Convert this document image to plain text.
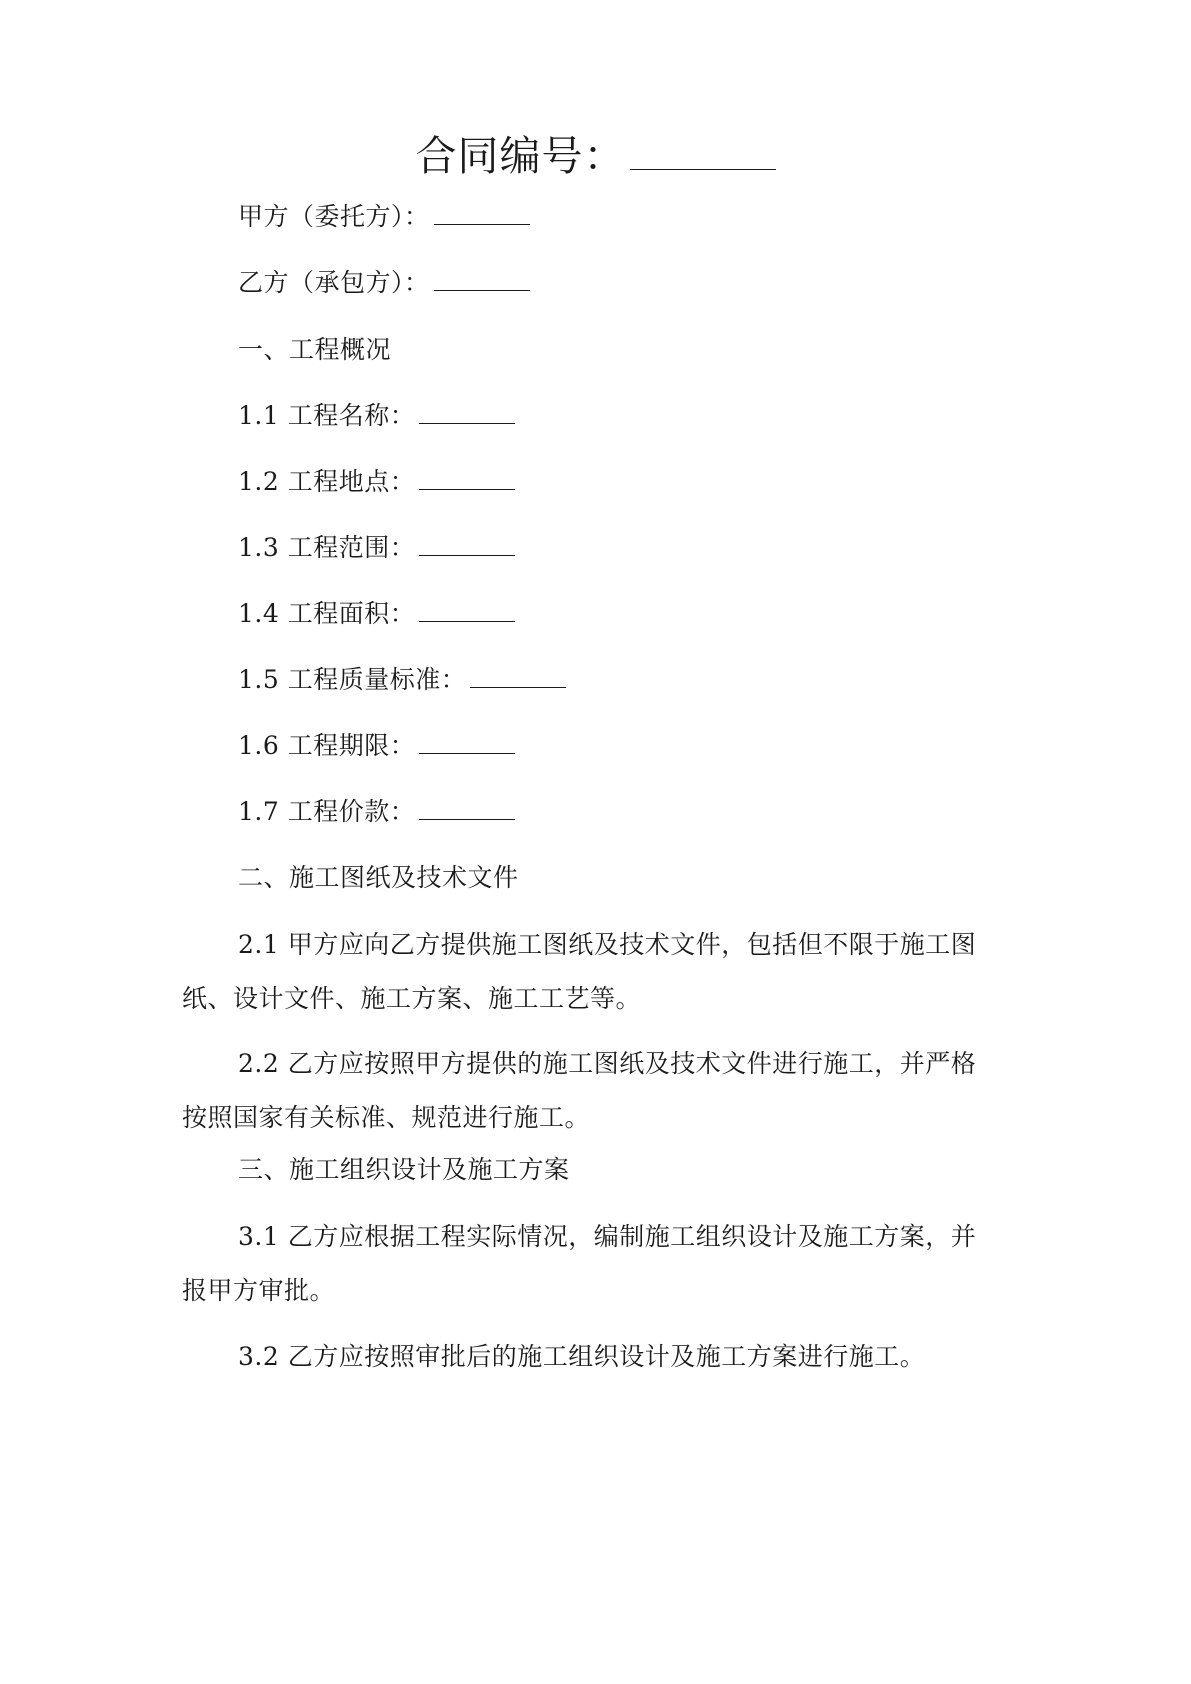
合同编号：
甲方（委托方）：
乙方（承包方）：
一、工程概况
1.1 工程名称：
1.2 工程地点：
1.3 工程范围：
1.4 工程面积：
1.5 工程质量标准：
1.6 工程期限：
1.7 工程价款：
二、施工图纸及技术文件
2.1 甲方应向乙方提供施工图纸及技术文件，包括但不限于施工图纸、设计文件、施工方案、施工工艺等。
2.2 乙方应按照甲方提供的施工图纸及技术文件进行施工，并严格按照国家有关标准、规范进行施工。
三、施工组织设计及施工方案
3.1 乙方应根据工程实际情况，编制施工组织设计及施工方案，并报甲方审批。
3.2 乙方应按照审批后的施工组织设计及施工方案进行施工。
